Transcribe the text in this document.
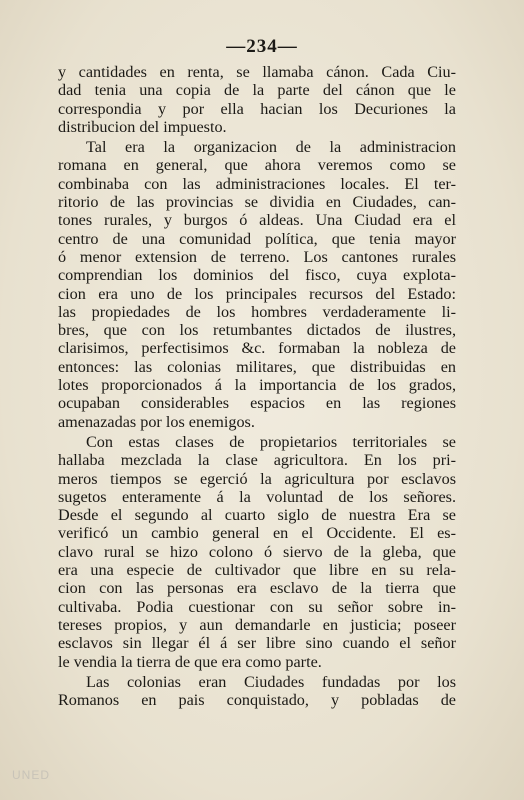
—234—
y cantidades en renta, se llamaba cánon. Cada Ciu-
dad tenia una copia de la parte del cánon que le
correspondia y por ella hacian los Decuriones la
distribucion del impuesto.
Tal era la organizacion de la administracion
romana en general, que ahora veremos como se
combinaba con las administraciones locales. El ter-
ritorio de las provincias se dividia en Ciudades, can-
tones rurales, y burgos ó aldeas. Una Ciudad era el
centro de una comunidad política, que tenia mayor
ó menor extension de terreno. Los cantones rurales
comprendian los dominios del fisco, cuya explota-
cion era uno de los principales recursos del Estado:
las propiedades de los hombres verdaderamente li-
bres, que con los retumbantes dictados de ilustres,
clarisimos, perfectisimos &c. formaban la nobleza de
entonces: las colonias militares, que distribuidas en
lotes proporcionados á la importancia de los grados,
ocupaban considerables espacios en las regiones
amenazadas por los enemigos.
Con estas clases de propietarios territoriales se
hallaba mezclada la clase agricultora. En los pri-
meros tiempos se egerció la agricultura por esclavos
sugetos enteramente á la voluntad de los señores.
Desde el segundo al cuarto siglo de nuestra Era se
verificó un cambio general en el Occidente. El es-
clavo rural se hizo colono ó siervo de la gleba, que
era una especie de cultivador que libre en su rela-
cion con las personas era esclavo de la tierra que
cultivaba. Podia cuestionar con su señor sobre in-
tereses propios, y aun demandarle en justicia; poseer
esclavos sin llegar él á ser libre sino cuando el señor
le vendia la tierra de que era como parte.
Las colonias eran Ciudades fundadas por los
Romanos en pais conquistado, y pobladas de
UNED
